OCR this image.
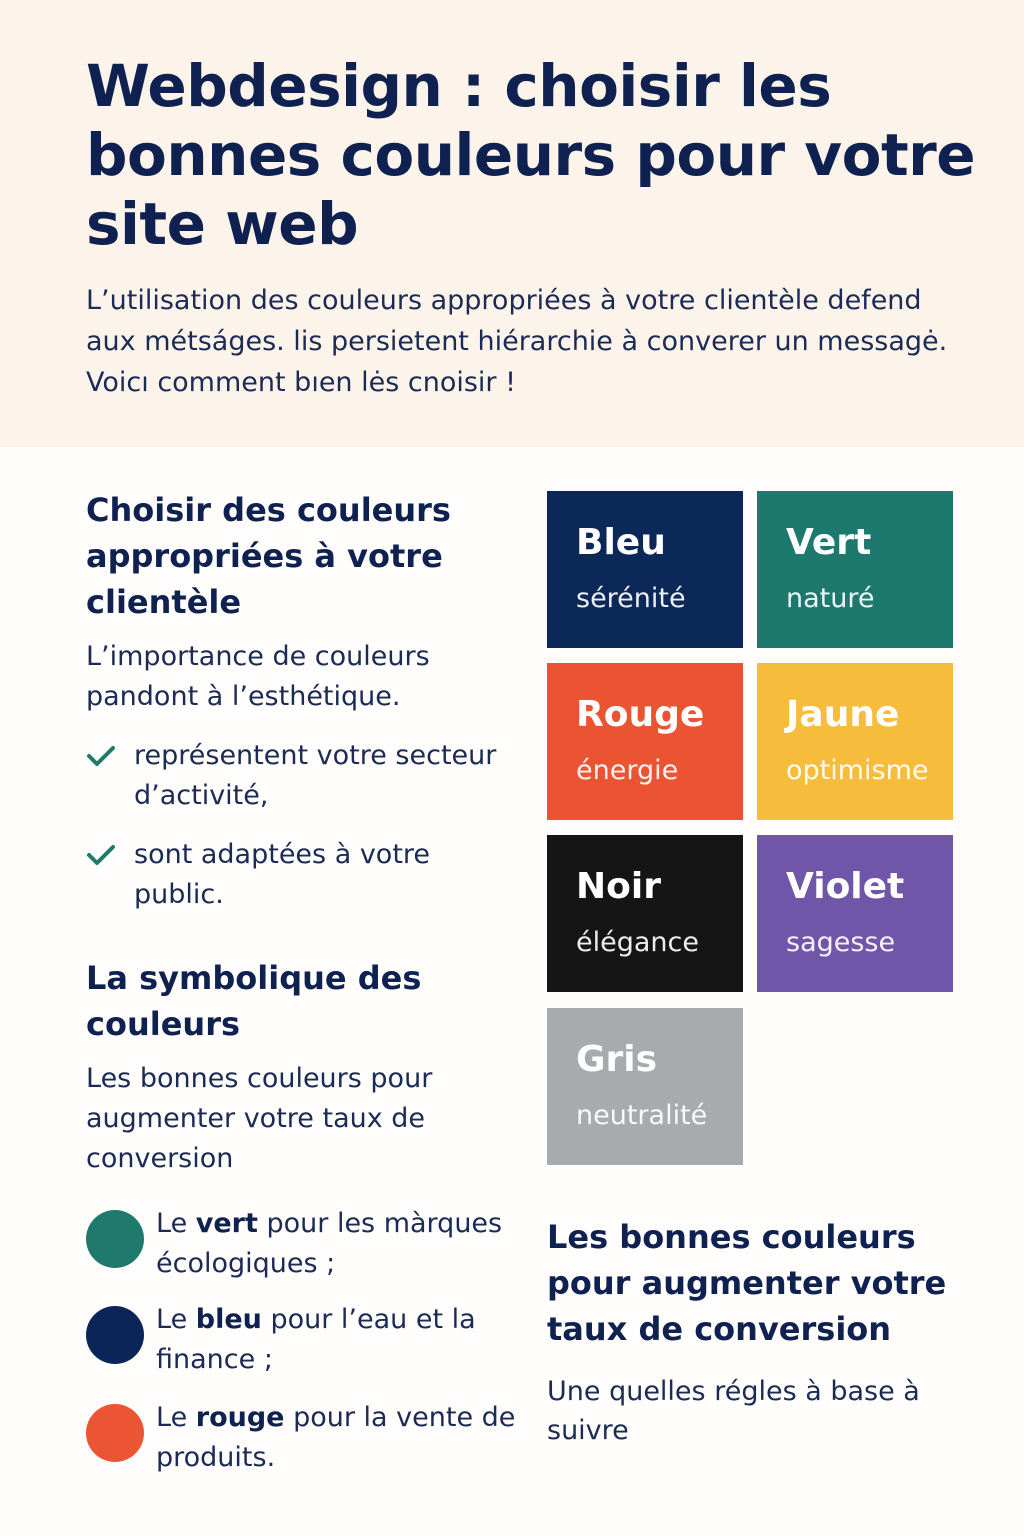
Webdesign : choisir les bonnes couleurs pour votre site web

L’utilisation des couleurs appropriées à votre clientèle defend aux métságes. lis persietent hiérarchie à converer un messagė. Voicı comment bıen lės cnoisir !

Choisir des couleurs appropriées à votre clientèle

L’importance de couleurs pandont à l’esthétique.

représentent votre secteur d’activité,
sont adaptées à votre public.
La symbolique des couleurs

Les bonnes couleurs pour augmenter votre taux de conversion

Le vert pour les màrques écologiques ;
Le bleu pour l’eau et la finance ;
Le rouge pour la vente de produits.
Bleu
sérénité
Vert
naturé
Rouge
énergie
Jaune
optimisme
Noir
élégance
Violet
sagesse
Gris
neutralité
Les bonnes couleurs pour augmenter votre taux de conversion

Une quelles régles à base à suivre
